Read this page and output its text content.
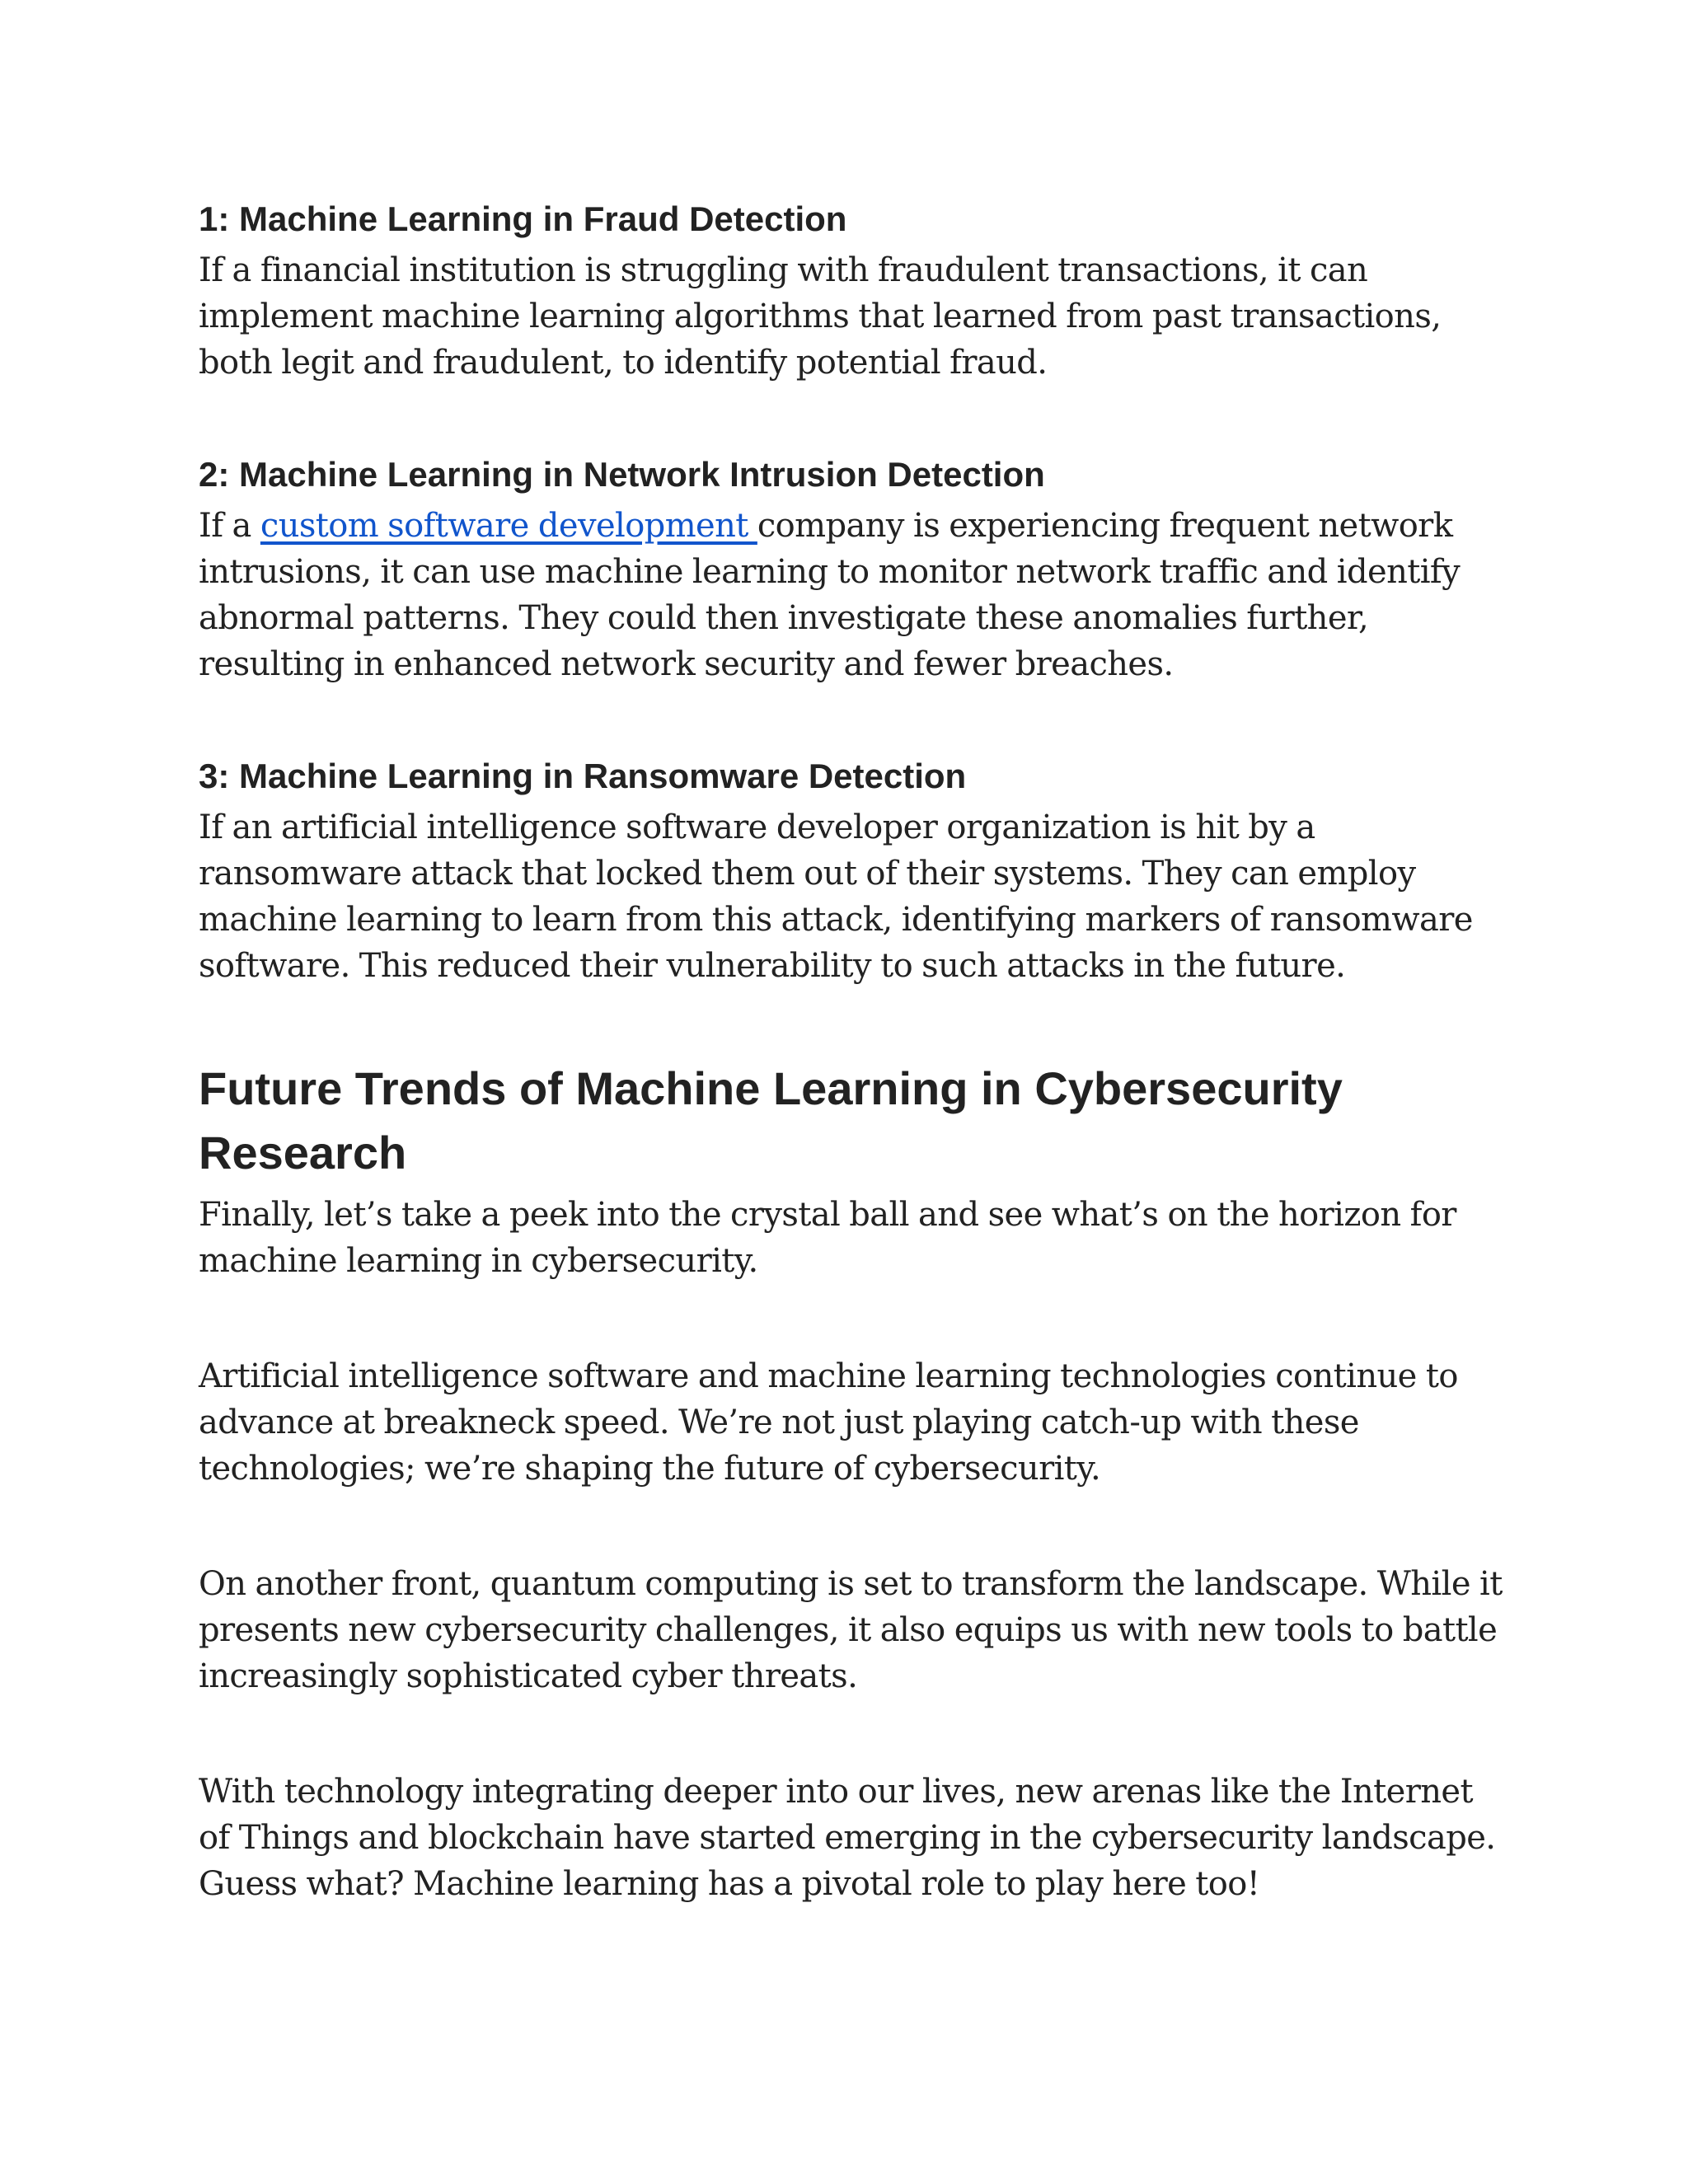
1: Machine Learning in Fraud Detection

If a financial institution is struggling with fraudulent transactions, it can implement machine learning algorithms that learned from past transactions, both legit and fraudulent, to identify potential fraud.

2: Machine Learning in Network Intrusion Detection

If a custom software development company is experiencing frequent network intrusions, it can use machine learning to monitor network traffic and identify abnormal patterns. They could then investigate these anomalies further, resulting in enhanced network security and fewer breaches.

3: Machine Learning in Ransomware Detection

If an artificial intelligence software developer organization is hit by a ransomware attack that locked them out of their systems. They can employ machine learning to learn from this attack, identifying markers of ransomware software. This reduced their vulnerability to such attacks in the future.

Future Trends of Machine Learning in Cybersecurity Research

Finally, let’s take a peek into the crystal ball and see what’s on the horizon for machine learning in cybersecurity.

Artificial intelligence software and machine learning technologies continue to advance at breakneck speed. We’re not just playing catch-up with these technologies; we’re shaping the future of cybersecurity.

On another front, quantum computing is set to transform the landscape. While it presents new cybersecurity challenges, it also equips us with new tools to battle increasingly sophisticated cyber threats.

With technology integrating deeper into our lives, new arenas like the Internet of Things and blockchain have started emerging in the cybersecurity landscape. Guess what? Machine learning has a pivotal role to play here too!
